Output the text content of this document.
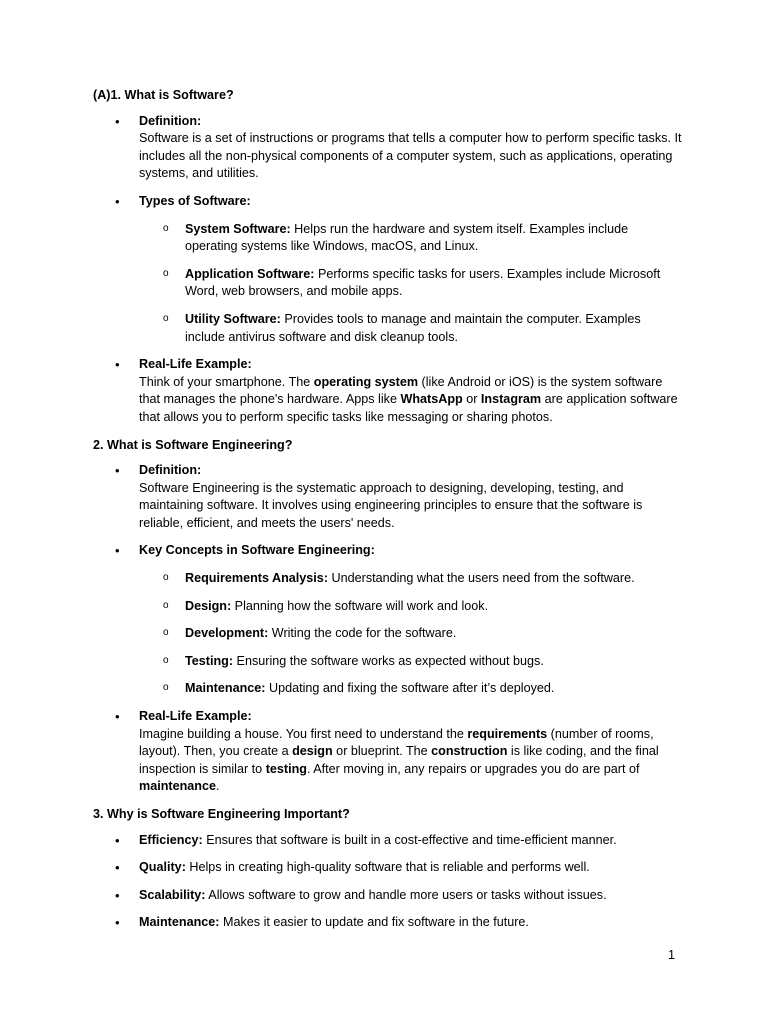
(A)1. What is Software?
• Definition:
Software is a set of instructions or programs that tells a computer how to perform specific tasks. It includes all the non-physical components of a computer system, such as applications, operating systems, and utilities.
• Types of Software:
o System Software: Helps run the hardware and system itself. Examples include operating systems like Windows, macOS, and Linux.
o Application Software: Performs specific tasks for users. Examples include Microsoft Word, web browsers, and mobile apps.
o Utility Software: Provides tools to manage and maintain the computer. Examples include antivirus software and disk cleanup tools.
• Real-Life Example:
Think of your smartphone. The operating system (like Android or iOS) is the system software that manages the phone's hardware. Apps like WhatsApp or Instagram are application software that allows you to perform specific tasks like messaging or sharing photos.
2. What is Software Engineering?
• Definition:
Software Engineering is the systematic approach to designing, developing, testing, and maintaining software. It involves using engineering principles to ensure that the software is reliable, efficient, and meets the users' needs.
• Key Concepts in Software Engineering:
o Requirements Analysis: Understanding what the users need from the software.
o Design: Planning how the software will work and look.
o Development: Writing the code for the software.
o Testing: Ensuring the software works as expected without bugs.
o Maintenance: Updating and fixing the software after it’s deployed.
• Real-Life Example:
Imagine building a house. You first need to understand the requirements (number of rooms, layout). Then, you create a design or blueprint. The construction is like coding, and the final inspection is similar to testing. After moving in, any repairs or upgrades you do are part of maintenance.
3. Why is Software Engineering Important?
• Efficiency: Ensures that software is built in a cost-effective and time-efficient manner.
• Quality: Helps in creating high-quality software that is reliable and performs well.
• Scalability: Allows software to grow and handle more users or tasks without issues.
• Maintenance: Makes it easier to update and fix software in the future.
1
